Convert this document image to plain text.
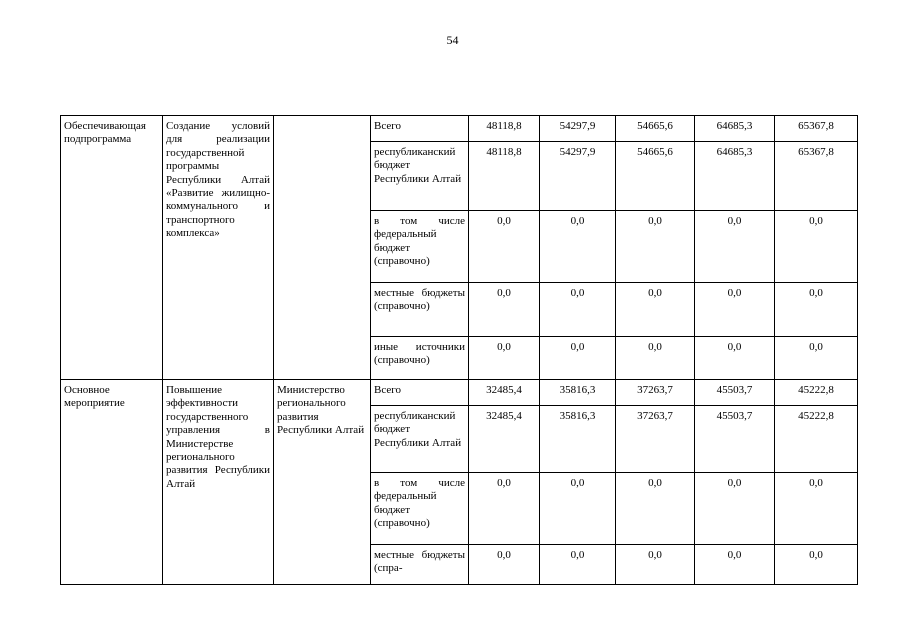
54
Обеспечивающая подпрограмма	Создание условий для реализации государственной программы Республики Алтай «Развитие жилищно-коммунального и транспортного комплекса»		Всего	48118,8	54297,9	54665,6	64685,3	65367,8
			республиканский бюджет Республики Алтай	48118,8	54297,9	54665,6	64685,3	65367,8
			в том числе федеральный бюджет (справочно)	0,0	0,0	0,0	0,0	0,0
			местные бюджеты (справочно)	0,0	0,0	0,0	0,0	0,0
			иные источники (справочно)	0,0	0,0	0,0	0,0	0,0
Основное мероприятие	Повышение эффективности государственного управления в Министерстве регионального развития Республики Алтай	Министерство регионального развития Республики Алтай	Всего	32485,4	35816,3	37263,7	45503,7	45222,8
			республиканский бюджет Республики Алтай	32485,4	35816,3	37263,7	45503,7	45222,8
			в том числе федеральный бюджет (справочно)	0,0	0,0	0,0	0,0	0,0
			местные бюджеты (спра-	0,0	0,0	0,0	0,0	0,0
